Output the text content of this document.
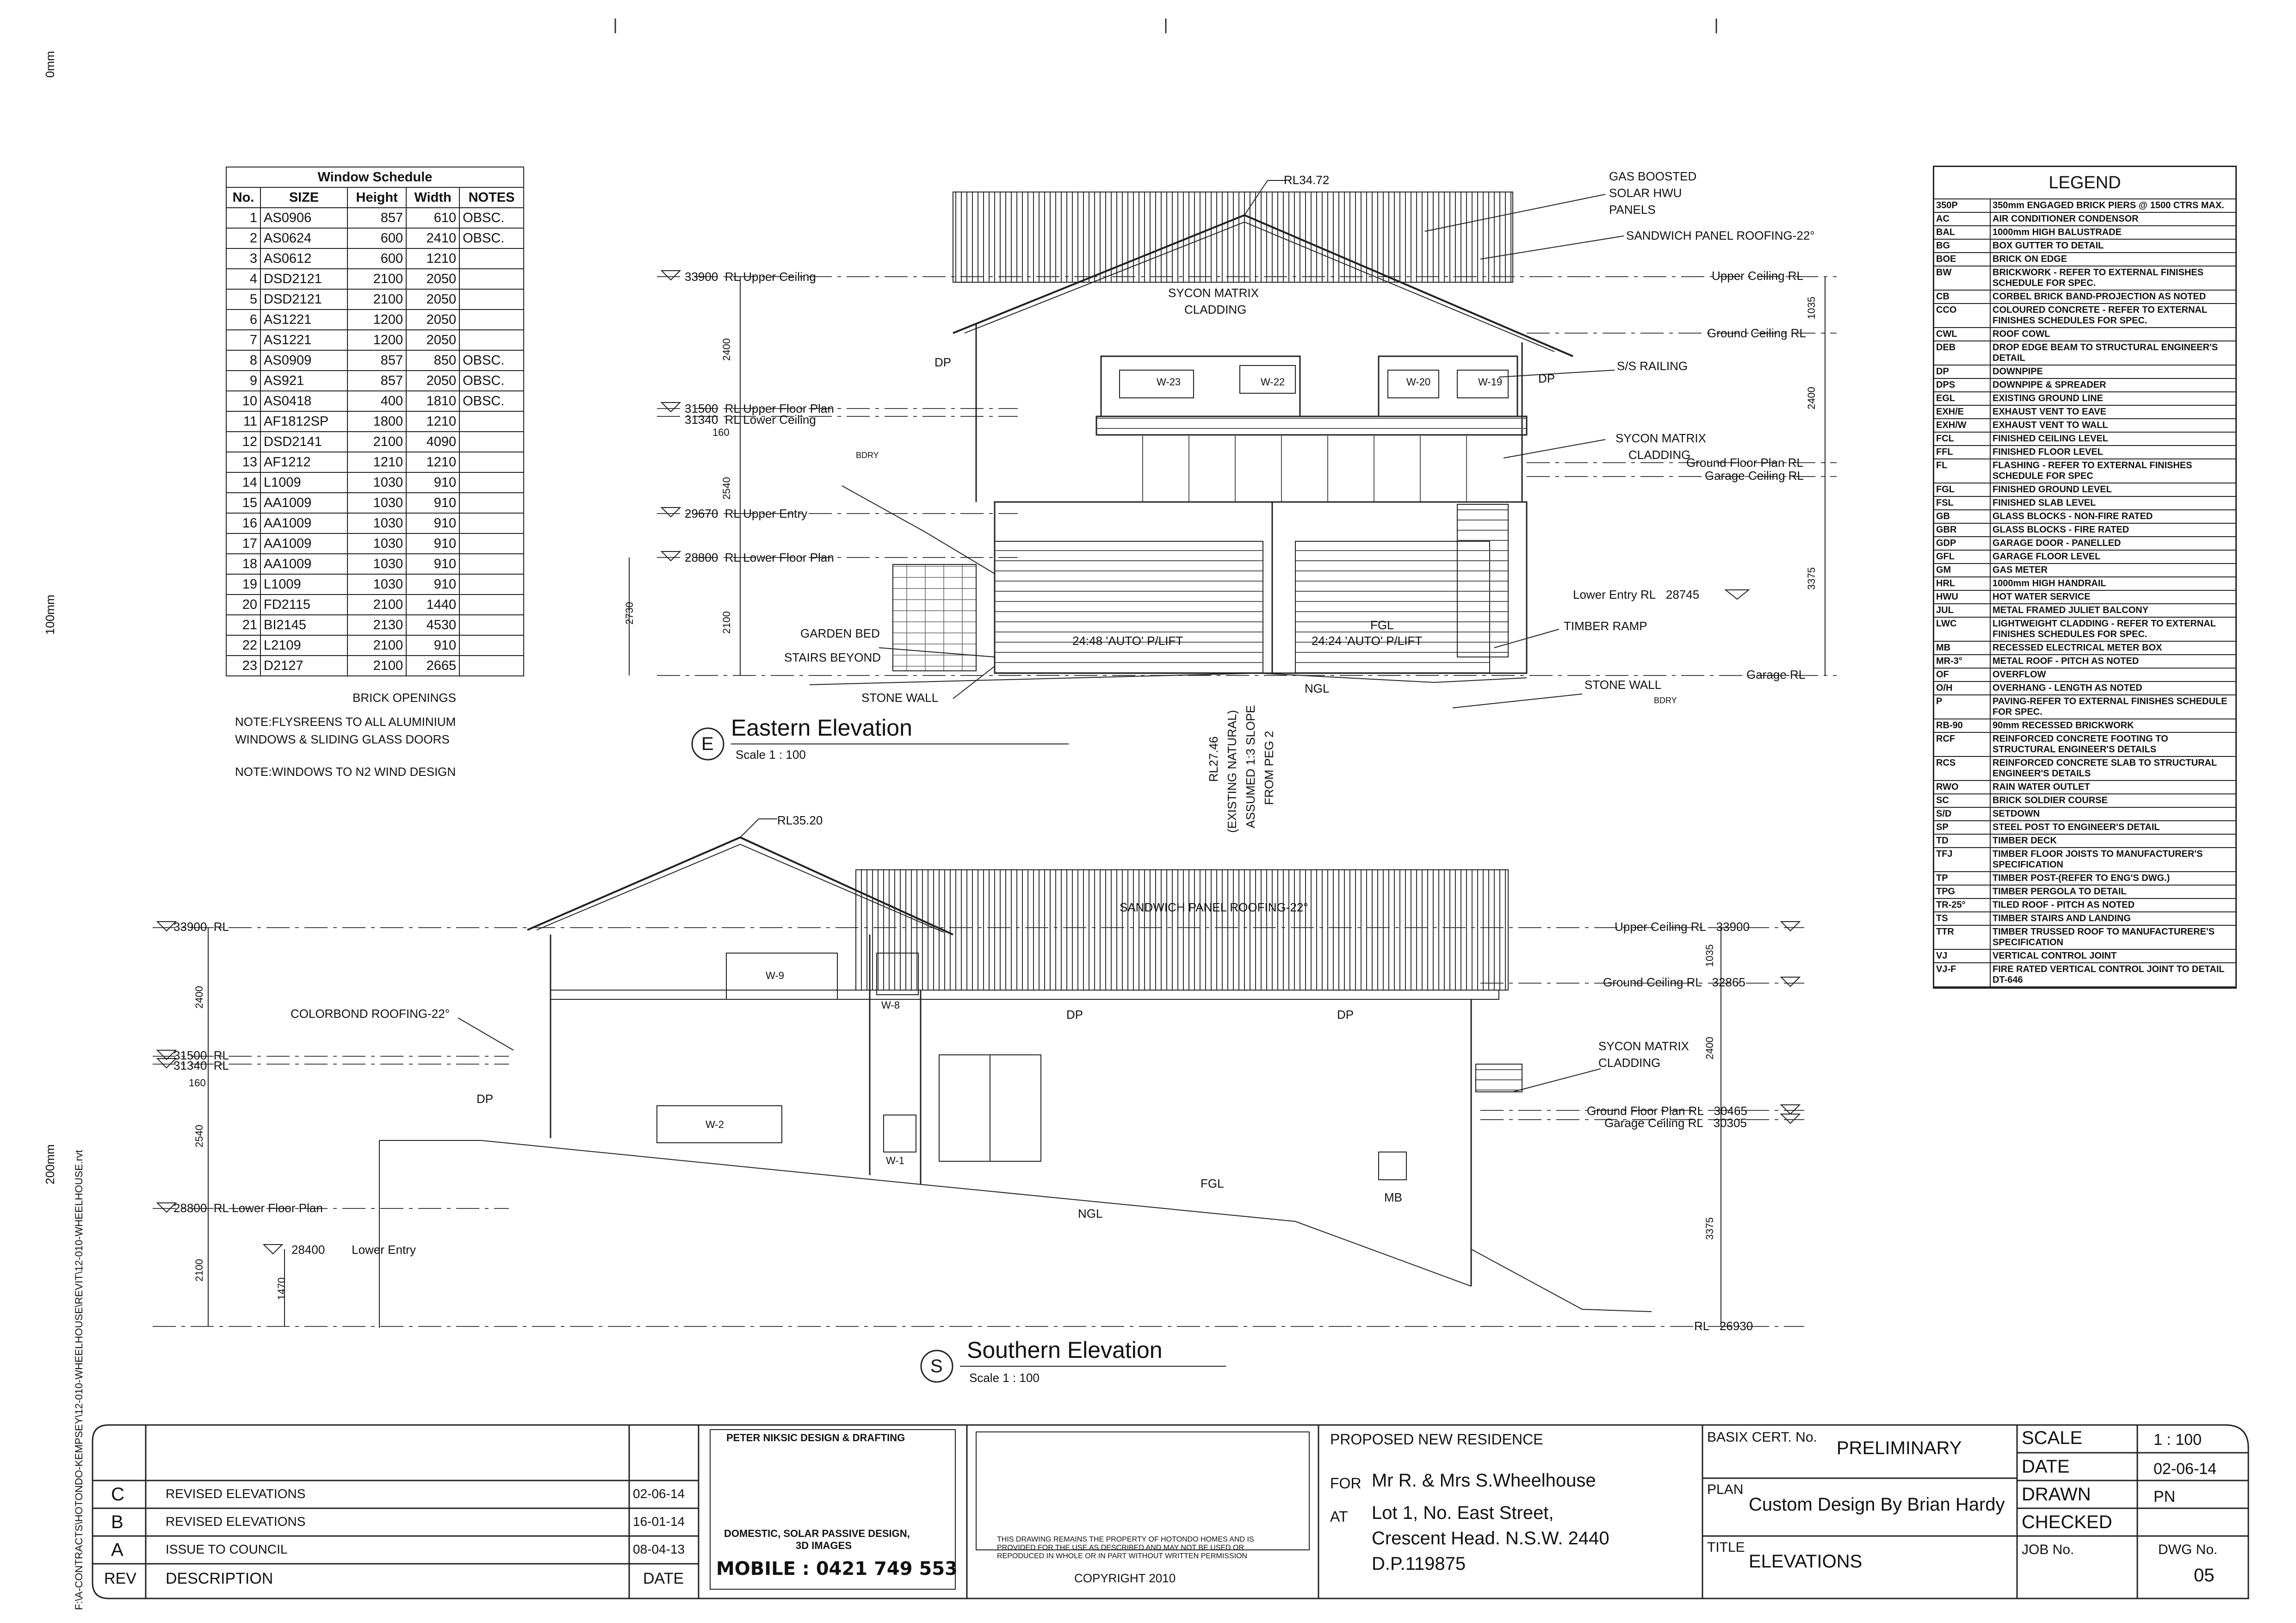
0mm
100mm
200mm F:\A-CONTRACTS\HOTONDO-KEMPSEY\12-010-WHEELHOUSE\REVIT\12-010-WHEELHOUSE.rvt
Window Schedule				
No.	SIZE	Height	Width	NOTES
1	AS0906	857	610	OBSC.
2	AS0624	600	2410	OBSC.
3	AS0612	600	1210	
4	DSD2121	2100	2050	
5	DSD2121	2100	2050	
6	AS1221	1200	2050	
7	AS1221	1200	2050	
8	AS0909	857	850	OBSC.
9	AS921	857	2050	OBSC.
10	AS0418	400	1810	OBSC.
11	AF1812SP	1800	1210	
12	DSD2141	2100	4090	
13	AF1212	1210	1210	
14	L1009	1030	910	
15	AA1009	1030	910	
16	AA1009	1030	910	
17	AA1009	1030	910	
18	AA1009	1030	910	
19	L1009	1030	910	
20	FD2115	2100	1440	
21	BI2145	2130	4530	
22	L2109	2100	910	
23	D2127	2100	2665	
BRICK OPENINGS
NOTE:FLYSREENS TO ALL ALUMINIUM
WINDOWS & SLIDING GLASS DOORS
NOTE:WINDOWS TO N2 WIND DESIGN
LEGEND
350P	350mm ENGAGED BRICK PIERS @ 1500 CTRS MAX.
AC	AIR CONDITIONER CONDENSOR
BAL	1000mm HIGH BALUSTRADE
BG	BOX GUTTER TO DETAIL
BOE	BRICK ON EDGE
BW	BRICKWORK - REFER TO EXTERNAL FINISHES SCHEDULE FOR SPEC.
CB	CORBEL BRICK BAND-PROJECTION AS NOTED
CCO	COLOURED CONCRETE - REFER TO EXTERNAL FINISHES SCHEDULES FOR SPEC.
CWL	ROOF COWL
DEB	DROP EDGE BEAM TO STRUCTURAL ENGINEER'S DETAIL
DP	DOWNPIPE
DPS	DOWNPIPE & SPREADER
EGL	EXISTING GROUND LINE
EXH/E	EXHAUST VENT TO EAVE
EXH/W	EXHAUST VENT TO WALL
FCL	FINISHED CEILING LEVEL
FFL	FINISHED FLOOR LEVEL
FL	FLASHING - REFER TO EXTERNAL FINISHES SCHEDULE FOR SPEC
FGL	FINISHED GROUND LEVEL
FSL	FINISHED SLAB LEVEL
GB	GLASS BLOCKS - NON-FIRE RATED
GBR	GLASS BLOCKS - FIRE RATED
GDP	GARAGE DOOR - PANELLED
GFL	GARAGE FLOOR LEVEL
GM	GAS METER
HRL	1000mm HIGH HANDRAIL
HWU	HOT WATER SERVICE
JUL	METAL FRAMED JULIET BALCONY
LWC	LIGHTWEIGHT CLADDING - REFER TO EXTERNAL FINISHES SCHEDULES FOR SPEC.
MB	RECESSED ELECTRICAL METER BOX
MR-3°	METAL ROOF - PITCH AS NOTED
OF	OVERFLOW
O/H	OVERHANG - LENGTH AS NOTED
P	PAVING-REFER TO EXTERNAL FINISHES SCHEDULE FOR SPEC.
RB-90	90mm RECESSED BRICKWORK
RCF	REINFORCED CONCRETE FOOTING TO STRUCTURAL ENGINEER'S DETAILS
RCS	REINFORCED CONCRETE SLAB TO STRUCTURAL ENGINEER'S DETAILS
RWO	RAIN WATER OUTLET
SC	BRICK SOLDIER COURSE
S/D	SETDOWN
SP	STEEL POST TO ENGINEER'S DETAIL
TD	TIMBER DECK
TFJ	TIMBER FLOOR JOISTS TO MANUFACTURER'S SPECIFICATION
TP	TIMBER POST-(REFER TO ENG'S DWG.)
TPG	TIMBER PERGOLA TO DETAIL
TR-25°	TILED ROOF - PITCH AS NOTED
TS	TIMBER STAIRS AND LANDING
TTR	TIMBER TRUSSED ROOF TO MANUFACTURERE'S SPECIFICATION
VJ	VERTICAL CONTROL JOINT
VJ-F	FIRE RATED VERTICAL CONTROL JOINT TO DETAIL DT-646
RL34.72	GAS BOOSTED
SOLAR HWU
PANELS
SANDWICH PANEL ROOFING-22°
SYCON MATRIX
CLADDING
S/S RAILING
SYCON MATRIX
CLADDING
DP
DP
BDRY
BDRY
W-23	W-22	W-20	W-19
GARDEN BED
STAIRS BEYOND
STONE WALL
STONE WALL
24:48 'AUTO' P/LIFT
FGL
24:24 'AUTO' P/LIFT
NGL
TIMBER RAMP
RL27.46 (EXISTING NATURAL) ASSUMED 1:3 SLOPE FROM PEG 2
33900 RL Upper Ceiling
31500 RL Upper Floor Plan
31340 RL Lower Ceiling
29670 RL Upper Entry
28800 RL Lower Floor Plan
Upper Ceiling RL
Ground Ceiling RL
Ground Floor Plan RL
Garage Ceiling RL
Lower Entry RL 28745
Garage RL
2400
160
2540
2100
2730
1035
2400
3375
E
Eastern Elevation
Scale 1 : 100
RL35.20
SANDWICH PANEL ROOFING-22°
COLORBOND ROOFING-22°
SYCON MATRIX
CLADDING
DP
DP	DP
W-9
W-8
W-2
W-1
FGL
NGL
MB
33900 RL
31500 RL
31340 RL
28800 RL Lower Floor Plan
28400 Lower Entry
Upper Ceiling RL 33900
Ground Ceiling RL 32865
Ground Floor Plan RL 30465
Garage Ceiling RL 30305
RL 26930
2400
160
2540
2100
1470
1035
2400
3375
S
Southern Elevation
Scale 1 : 100
C	REVISED ELEVATIONS	02-06-14
B	REVISED ELEVATIONS	16-01-14
A	ISSUE TO COUNCIL	08-04-13
REV DESCRIPTION	DATE
PETER NIKSIC DESIGN & DRAFTING
DOMESTIC, SOLAR PASSIVE DESIGN,
3D IMAGES
MOBILE : 0421 749 553
THIS DRAWING REMAINS THE PROPERTY OF HOTONDO HOMES AND IS
PROVIDED FOR THE USE AS DESCRIBED AND MAY NOT BE USED OR
REPODUCED IN WHOLE OR IN PART WITHOUT WRITTEN PERMISSION
COPYRIGHT 2010
PROPOSED NEW RESIDENCE
FOR Mr R. & Mrs S.Wheelhouse
AT Lot 1, No. East Street,
Crescent Head. N.S.W. 2440
D.P.119875
BASIX CERT. No.
PRELIMINARY
PLAN
Custom Design By Brian Hardy
TITLE
ELEVATIONS
SCALE	1 : 100
DATE	02-06-14
DRAWN	PN
CHECKED
JOB No.	DWG No.
05
